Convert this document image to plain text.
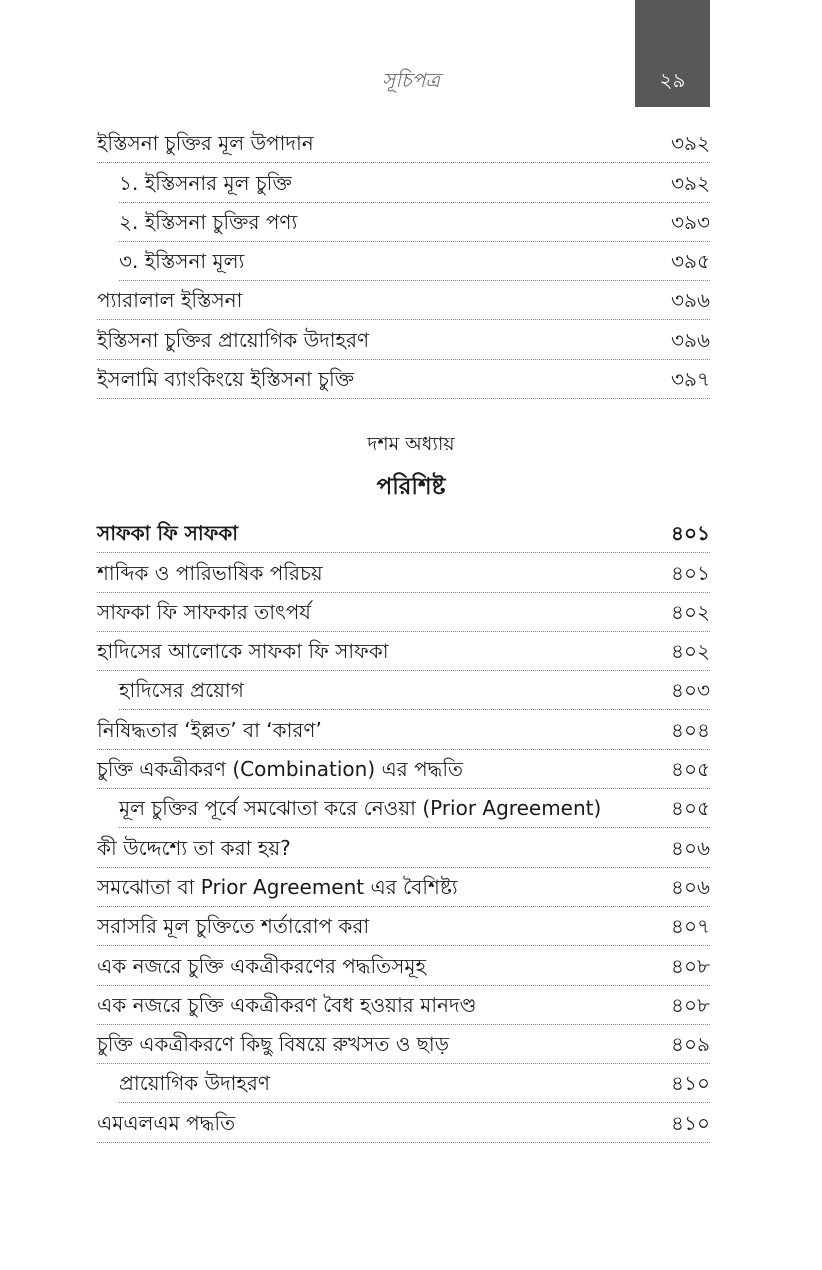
সূচিপত্র	২৯
ইস্তিসনা চুক্তির মূল উপাদান	৩৯২
১. ইস্তিসনার মূল চুক্তি	৩৯২
২. ইস্তিসনা চুক্তির পণ্য	৩৯৩
৩. ইস্তিসনা মূল্য	৩৯৫
প্যারালাল ইস্তিসনা	৩৯৬
ইস্তিসনা চুক্তির প্রায়োগিক উদাহরণ	৩৯৬
ইসলামি ব্যাংকিংয়ে ইস্তিসনা চুক্তি	৩৯৭
দশম অধ্যায়
পরিশিষ্ট
সাফকা ফি সাফকা	৪০১
শাব্দিক ও পারিভাষিক পরিচয়	৪০১
সাফকা ফি সাফকার তাৎপর্য	৪০২
হাদিসের আলোকে সাফকা ফি সাফকা	৪০২
হাদিসের প্রয়োগ	৪০৩
নিষিদ্ধতার ‘ইল্লত’ বা ‘কারণ’	৪০৪
চুক্তি একত্রীকরণ (Combination) এর পদ্ধতি	৪০৫
মূল চুক্তির পূর্বে সমঝোতা করে নেওয়া (Prior Agreement)	৪০৫
কী উদ্দেশ্যে তা করা হয়?	৪০৬
সমঝোতা বা Prior Agreement এর বৈশিষ্ট্য	৪০৬
সরাসরি মূল চুক্তিতে শর্তারোপ করা	৪০৭
এক নজরে চুক্তি একত্রীকরণের পদ্ধতিসমূহ	৪০৮
এক নজরে চুক্তি একত্রীকরণ বৈধ হওয়ার মানদণ্ড	৪০৮
চুক্তি একত্রীকরণে কিছু বিষয়ে রুখসত ও ছাড়	৪০৯
প্রায়োগিক উদাহরণ	৪১০
এমএলএম পদ্ধতি	৪১০
